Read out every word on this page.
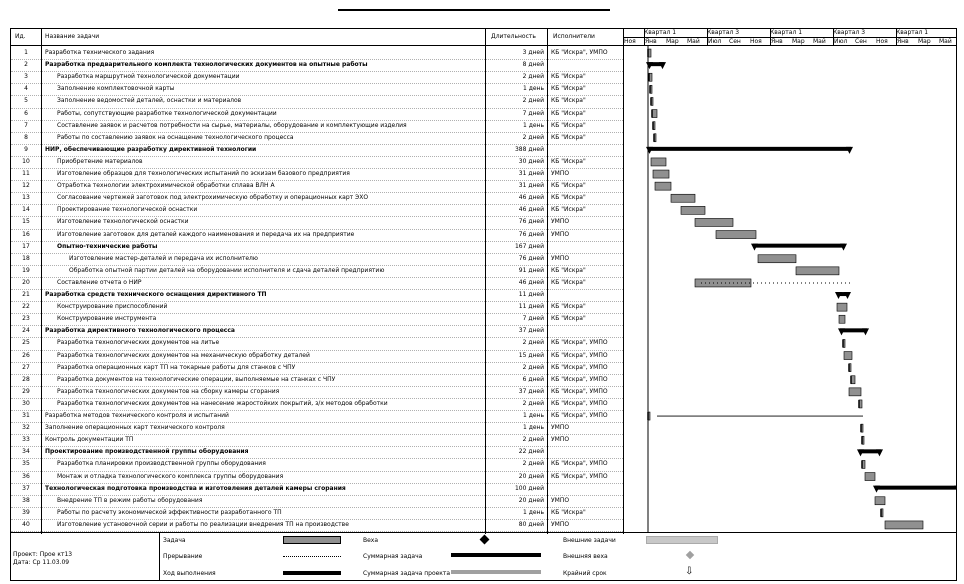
Ид.	Название задачи	Длительность	Исполнители
Квартал 1	Квартал 3	Квартал 1	Квартал 3	Квартал 1
Ноя Янв Мар Май Июл Сен Ноя Янв Мар Май Июл Сен Ноя Янв Мар Май
1	Разработка технического задания	3 дней КБ "Искра", УМПО
2	Разработка предварительного комплекта технологических документов на опытные работы	8 дней
3	Разработка маршрутной технологической документации	2 дней КБ "Искра"
4	Заполнение комплектовочной карты	1 день КБ "Искра"
5	Заполнение ведомостей деталей, оснастки и материалов	2 дней КБ "Искра"
6	Работы, сопутствующие разработке технологической документации	7 дней КБ "Искра"
7	Составление заявок и расчетов потребности на сырье, материалы, оборудование и комплектующие изделия	1 день КБ "Искра"
8	Работы по составлению заявок на оснащение технологического процесса	2 дней КБ "Искра"
9	НИР, обеспечивающие разработку директивной технологии	388 дней
10	Приобретение материалов	30 дней КБ "Искра"
11	Изготовление образцов для технологических испытаний по эскизам базового предприятия	31 дней УМПО
12	Отработка технологии электрохимической обработки сплава ВЛН А	31 дней КБ "Искра"
13	Согласование чертежей заготовок под электрохимическую обработку и операционных карт ЭХО	46 дней КБ "Искра"
14	Проектирование технологической оснастки	46 дней КБ "Искра"
15	Изготовление технологической оснастки	76 дней УМПО
16	Изготовление заготовок для деталей каждого наименования и передача их на предприятие	76 дней УМПО
17	Опытно-технические работы	167 дней
18	Изготовление мастер-деталей и передача их исполнителю	76 дней УМПО
19	Обработка опытной партии деталей на оборудовании исполнителя и сдача деталей предприятию	91 дней КБ "Искра"
20	Составление отчета о НИР	46 дней КБ "Искра"
21	Разработка средств технического оснащения директивного ТП	11 дней
22	Конструирование приспособлений	11 дней КБ "Искра"
23	Конструирование инструмента	7 дней КБ "Искра"
24	Разработка директивного технологического процесса	37 дней
25	Разработка технологических документов на литье	2 дней КБ "Искра", УМПО
26	Разработка технологических документов на механическую обработку деталей	15 дней КБ "Искра", УМПО
27	Разработка операционных карт ТП на токарные работы для станков с ЧПУ	2 дней КБ "Искра", УМПО
28	Разработка документов на технологические операции, выполняемые на станках с ЧПУ	6 дней КБ "Искра", УМПО
29	Разработка технологических документов на сборку камеры сгорания	37 дней КБ "Искра", УМПО
30	Разработка технологических документов на нанесение жаростойких покрытий, з/х методов обработки	2 дней КБ "Искра", УМПО
31	Разработка методов технического контроля и испытаний	1 день КБ "Искра", УМПО
32	Заполнение операционных карт технического контроля	1 день УМПО
33	Контроль документации ТП	2 дней УМПО
34	Проектирование производственной группы оборудования	22 дней
35	Разработка планировки производственной группы оборудования	2 дней КБ "Искра", УМПО
36	Монтаж и отладка технологического комплекса группы оборудования	20 дней КБ "Искра", УМПО
37	Технологическая подготовка производства и изготовления деталей камеры сгорания	100 дней
38	Внедрение ТП в режим работы оборудования	20 дней УМПО
39	Работы по расчету экономической эффективности разработанного ТП	1 день КБ "Искра"
40	Изготовление установочной серии и работы по реализации внедрения ТП на производстве	80 дней УМПО
Проект: Прое кт13
Дата: Ср 11.03.09
Задача
Прерывание
Ход выполнения
Веха
Суммарная задача
Суммарная задача проекта
Внешние задачи
Внешняя веха
Крайний срок	⇩
